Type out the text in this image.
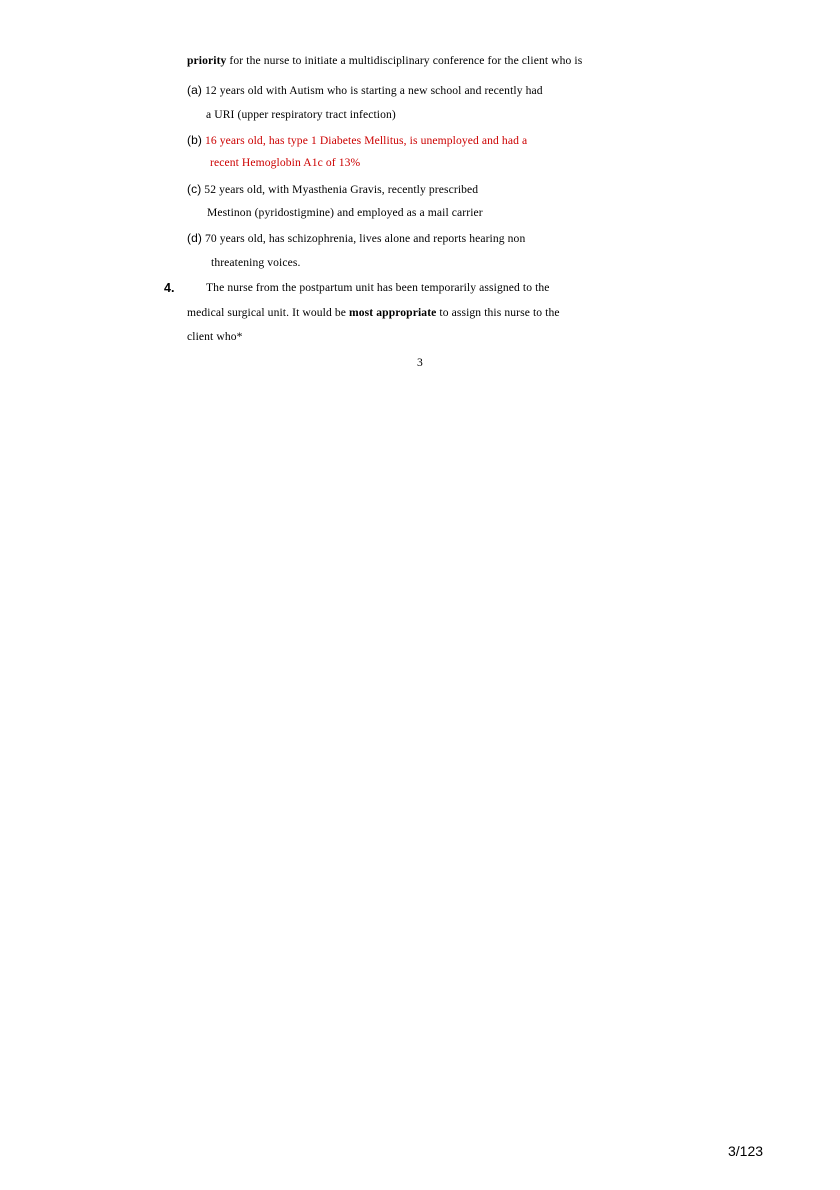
priority for the nurse to initiate a multidisciplinary conference for the client who is
(a) 12 years old with Autism who is starting a new school and recently had
a URI (upper respiratory tract infection)
(b) 16 years old, has type 1 Diabetes Mellitus, is unemployed and had a
recent Hemoglobin A1c of 13%
(c) 52 years old, with Myasthenia Gravis, recently prescribed
Mestinon (pyridostigmine) and employed as a mail carrier
(d) 70 years old, has schizophrenia, lives alone and reports hearing non
threatening voices.
4.	The nurse from the postpartum unit has been temporarily assigned to the
medical surgical unit. It would be most appropriate to assign this nurse to the
client who*
3
3/123
